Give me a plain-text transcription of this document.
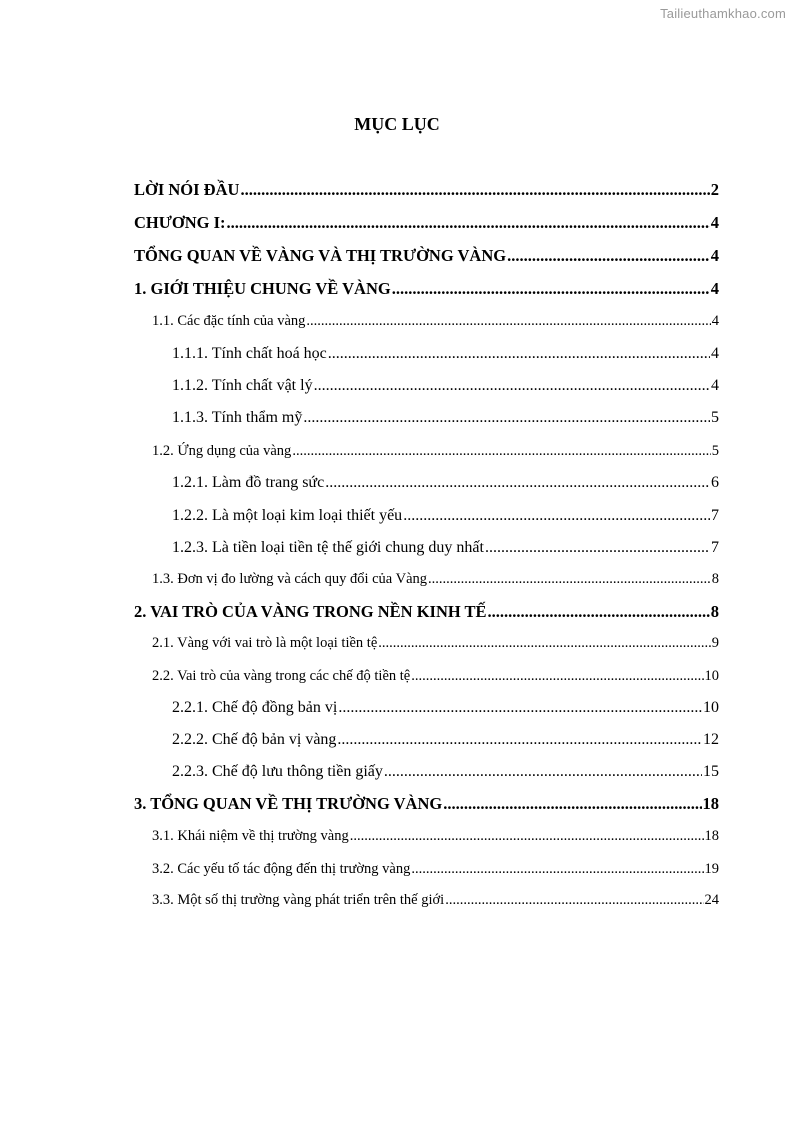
Tailieuthamkhao.com
MỤC LỤC
LỜI NÓI ĐẦU .....	2
CHƯƠNG I: .....	4
TỔNG QUAN VỀ VÀNG VÀ THỊ TRƯỜNG VÀNG .....	4
1. GIỚI THIỆU CHUNG VỀ VÀNG .....	4
1.1. Các đặc tính của vàng .....	4
1.1.1. Tính chất hoá học .....	4
1.1.2. Tính chất vật lý .....	4
1.1.3. Tính thẩm mỹ .....	5
1.2. Ứng dụng của vàng .....	5
1.2.1. Làm đồ trang sức .....	6
1.2.2. Là một loại kim loại thiết yếu .....	7
1.2.3. Là tiền loại tiền tệ thế giới chung duy nhất .....	7
1.3. Đơn vị đo lường và cách quy đổi của Vàng .....	8
2. VAI TRÒ CỦA VÀNG TRONG NỀN KINH TẾ .....	8
2.1. Vàng với vai trò là một loại tiền tệ .....	9
2.2. Vai trò của vàng trong các chế độ tiền tệ .....	10
2.2.1. Chế độ đồng bản vị .....	10
2.2.2. Chế độ bản vị vàng .....	12
2.2.3. Chế độ lưu thông tiền giấy .....	15
3. TỔNG QUAN VỀ THỊ TRƯỜNG VÀNG .....	18
3.1. Khái niệm về thị trường vàng .....	18
3.2. Các yếu tố tác động đến thị trường vàng .....	19
3.3. Một số thị trường vàng phát triển trên thế giới .....	24
